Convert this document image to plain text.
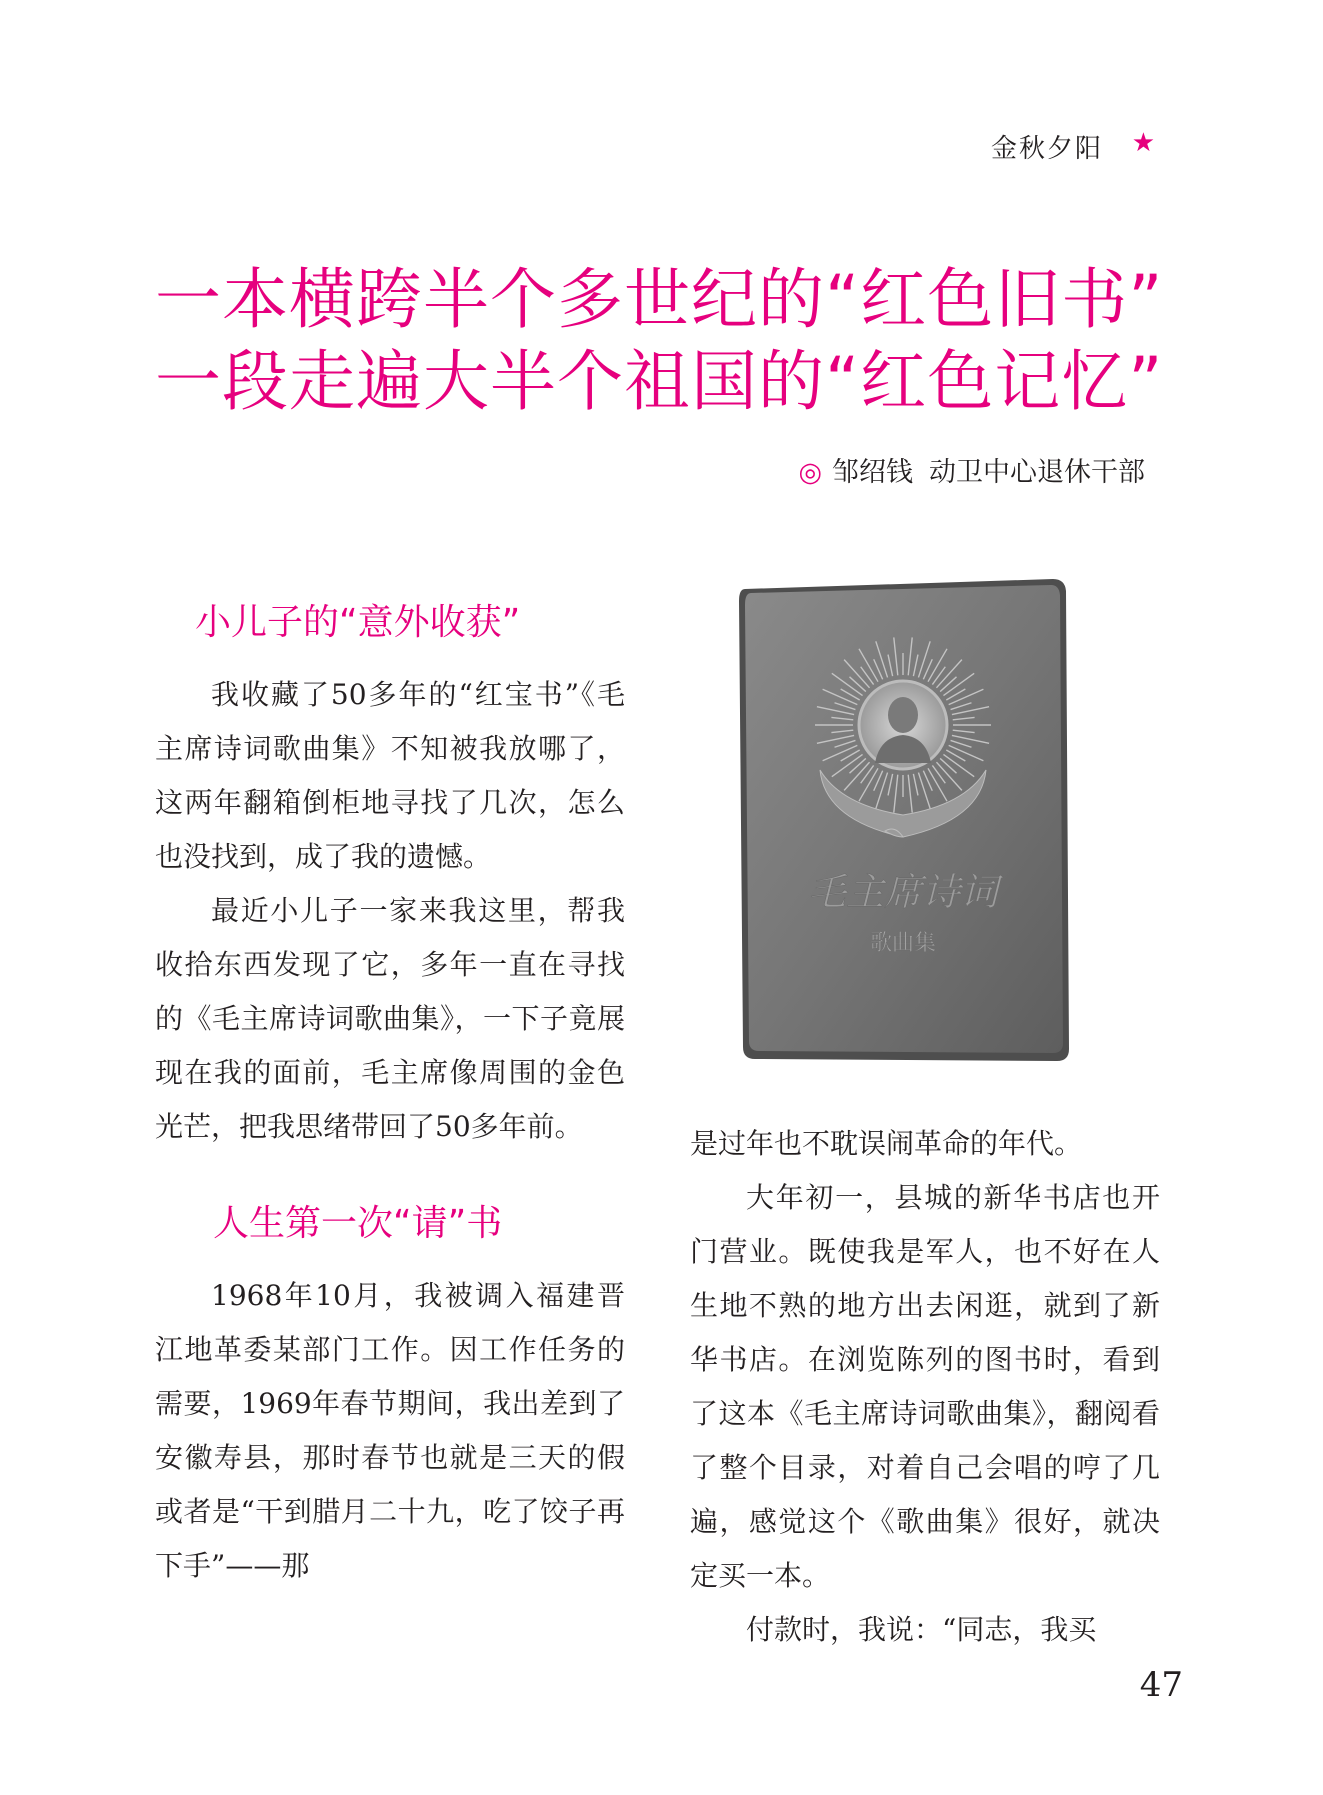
金秋夕阳 ★
一本横跨半个多世纪的“红色旧书”
一段走遍大半个祖国的“红色记忆”
◎ 邹绍钱 动卫中心退休干部
小儿子的“意外收获”

我收藏了50多年的“红宝书”《毛主席诗词歌曲集》不知被我放哪了，这两年翻箱倒柜地寻找了几次，怎么也没找到，成了我的遗憾。

最近小儿子一家来我这里，帮我收拾东西发现了它，多年一直在寻找的《毛主席诗词歌曲集》，一下子竟展现在我的面前，毛主席像周围的金色光芒，把我思绪带回了50多年前。

人生第一次“请”书

1968年10月，我被调入福建晋江地革委某部门工作。因工作任务的需要，1969年春节期间，我出差到了安徽寿县，那时春节也就是三天的假或者是“干到腊月二十九，吃了饺子再下手”——那

毛主席诗词
歌曲集

是过年也不耽误闹革命的年代。

大年初一，县城的新华书店也开门营业。既使我是军人，也不好在人生地不熟的地方出去闲逛，就到了新华书店。在浏览陈列的图书时，看到了这本《毛主席诗词歌曲集》，翻阅看了整个目录，对着自己会唱的哼了几遍，感觉这个《歌曲集》很好，就决定买一本。

付款时，我说：“同志，我买

47
